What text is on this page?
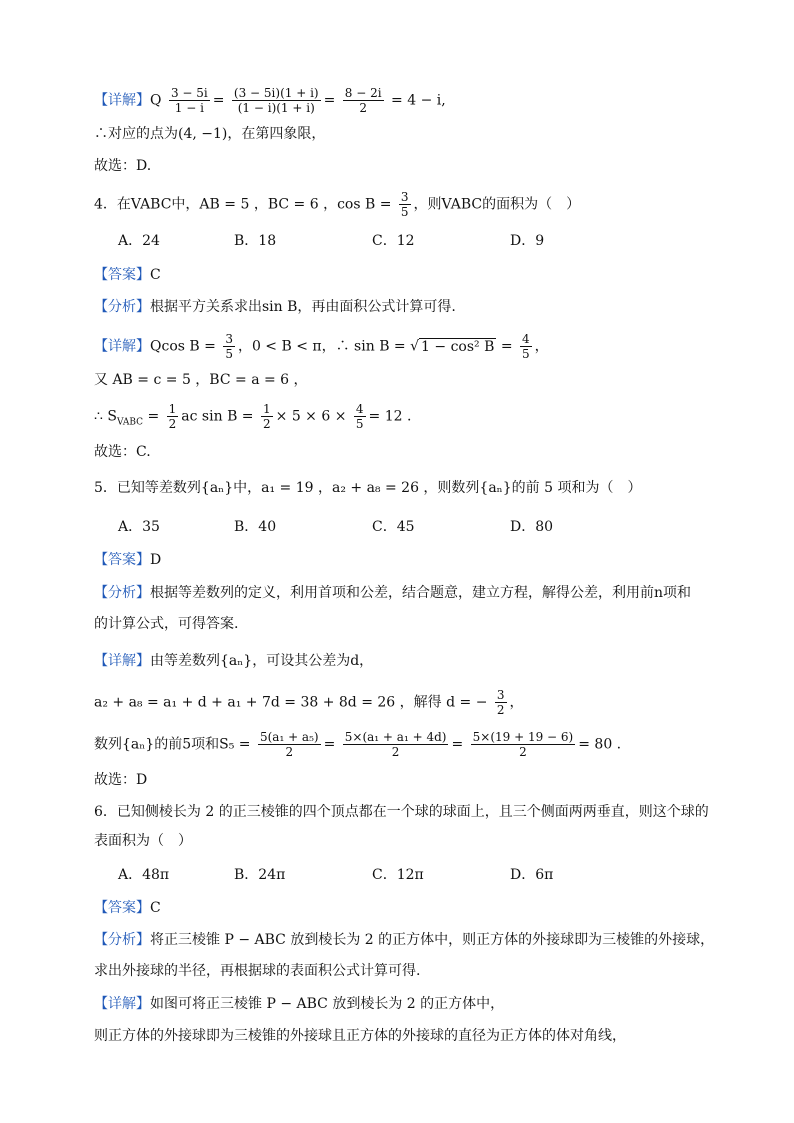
【详解】Q $\frac{3 - 5i}{1 - i} = \frac{(3 - 5i)(1 + i)}{(1 - i)(1 + i)} = \frac{8 - 2i}{2} = 4 - i$,
∴对应的点为(4, −1)，在第四象限，
故选：D.
4．在VABC中，AB = 5 ，BC = 6 ，$\cos B = \frac{3}{5}$ ，则VABC的面积为（　）
A．24	B．18	C．12	D．9
【答案】C
【分析】根据平方关系求出sin B，再由面积公式计算可得.
【详解】Qcos $B = \frac{3}{5}$ ，0 < B < π，∴ sin B = √ 1 − cos² $B = \frac{4}{5}$ ，
又 AB = c = 5 ，BC = a = 6 ，
∴ $S_{VABC} = \frac{1}{2}$ ac $\sin B = \frac{1}{2} \times 5 \times 6 \times \frac{4}{5} = 12$ .
故选：C.
5．已知等差数列{aₙ}中，a₁ = 19 ，a₂ + a₈ = 26 ，则数列{aₙ}的前 5 项和为（　）
A．35	B．40	C．45	D．80
【答案】D
【分析】根据等差数列的定义，利用首项和公差，结合题意，建立方程，解得公差，利用前n项和
的计算公式，可得答案.
【详解】由等差数列{aₙ}，可设其公差为d，
a₂ + a₈ = a₁ + d + a₁ + 7d = 38 + 8d = 26 ，解得 d = − $\frac{3}{2}$ ，
数列{aₙ}的前5项和$S_5 = \frac{\text{5(a₁ + a₅)}}{2} = \frac{\text{5×(a₁ + a₁ + 4d)}}{2} = \frac{5\times(19 + 19 - 6)}{2} = 80$ .
故选：D
6．已知侧棱长为 2 的正三棱锥的四个顶点都在一个球的球面上，且三个侧面两两垂直，则这个球的
表面积为（　）
A．48π	B．24π	C．12π	D．6π
【答案】C
【分析】将正三棱锥 P − ABC 放到棱长为 2 的正方体中，则正方体的外接球即为三棱锥的外接球，
求出外接球的半径，再根据球的表面积公式计算可得.
【详解】如图可将正三棱锥 P − ABC 放到棱长为 2 的正方体中，
则正方体的外接球即为三棱锥的外接球且正方体的外接球的直径为正方体的体对角线，
